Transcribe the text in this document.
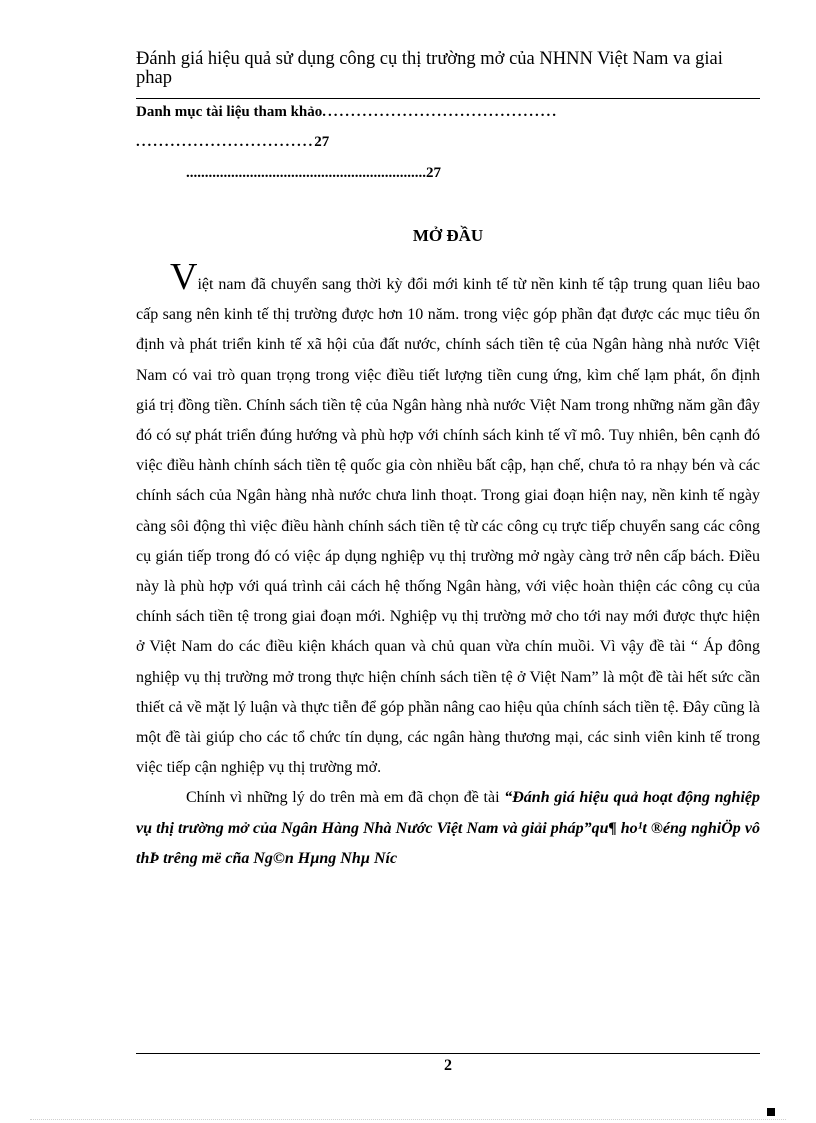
Đánh giá hiệu quả sử dụng công cụ thị trường mở của NHNN Việt Nam va giai phap
Danh mục tài liệu tham khảo.........................................
...............................27
................................................................27
MỞ ĐẦU

Việt nam đã chuyển sang thời kỳ đổi mới kinh tế từ nền kinh tế tập trung quan liêu bao cấp sang nên kinh tế thị trường được hơn 10 năm. trong việc góp phần đạt được các mục tiêu ổn định và phát triển kinh tế xã hội của đất nước, chính sách tiền tệ của Ngân hàng nhà nước Việt Nam có vai trò quan trọng trong việc điều tiết lượng tiền cung ứng, kìm chế lạm phát, ổn định giá trị đồng tiền. Chính sách tiền tệ của Ngân hàng nhà nước Việt Nam trong những năm gần đây đó có sự phát triển đúng hướng và phù hợp với chính sách kinh tế vĩ mô. Tuy nhiên, bên cạnh đó việc điều hành chính sách tiền tệ quốc gia còn nhiều bất cập, hạn chế, chưa tỏ ra nhạy bén và các chính sách của Ngân hàng nhà nước chưa linh thoạt. Trong giai đoạn hiện nay, nền kinh tế ngày càng sôi động thì việc điều hành chính sách tiền tệ từ các công cụ trực tiếp chuyển sang các công cụ gián tiếp trong đó có việc áp dụng nghiệp vụ thị trường mở ngày càng trở nên cấp bách. Điều này là phù hợp với quá trình cải cách hệ thống Ngân hàng, với việc hoàn thiện các công cụ của chính sách tiền tệ trong giai đoạn mới. Nghiệp vụ thị trường mở cho tới nay mới được thực hiện ở Việt Nam do các điều kiện khách quan và chủ quan vừa chín muồi. Vì vậy đề tài “ Áp đông nghiệp vụ thị trường mở trong thực hiện chính sách tiền tệ ở Việt Nam” là một đề tài hết sức cần thiết cả về mặt lý luận và thực tiễn để góp phần nâng cao hiệu qủa chính sách tiền tệ. Đây cũng là một đề tài giúp cho các tổ chức tín dụng, các ngân hàng thương mại, các sinh viên kinh tế trong việc tiếp cận nghiệp vụ thị trường mở.

Chính vì những lý do trên mà em đã chọn đề tài “Đánh giá hiệu quả hoạt động nghiệp vụ thị trường mở của Ngân Hàng Nhà Nước Việt Nam và giải pháp”qu¶ ho¹t ®éng nghiÖp vô thÞ trêng më cña Ng©n Hµng Nhµ Níc

2
